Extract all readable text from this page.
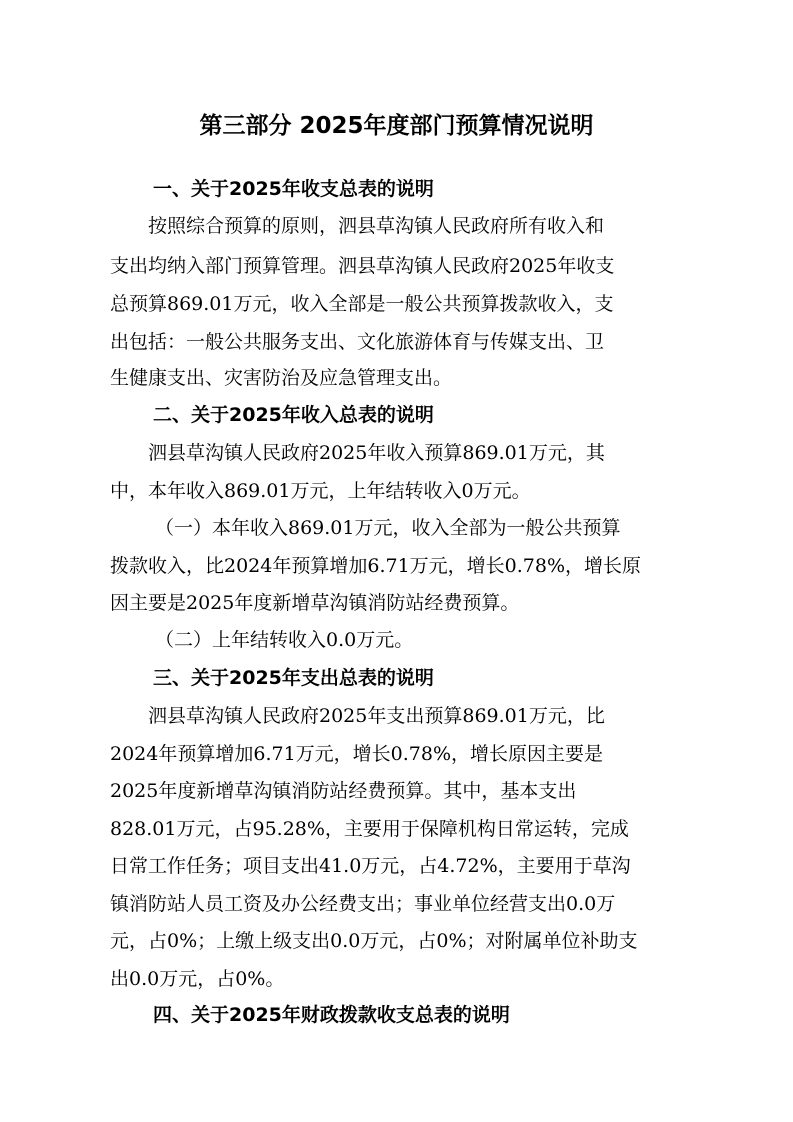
第三部分 2025年度部门预算情况说明
一、关于2025年收支总表的说明
按照综合预算的原则，泗县草沟镇人民政府所有收入和
支出均纳入部门预算管理。泗县草沟镇人民政府2025年收支
总预算869.01万元，收入全部是一般公共预算拨款收入，支
出包括：一般公共服务支出、文化旅游体育与传媒支出、卫
生健康支出、灾害防治及应急管理支出。
二、关于2025年收入总表的说明
泗县草沟镇人民政府2025年收入预算869.01万元，其
中，本年收入869.01万元，上年结转收入0万元。
（一）本年收入869.01万元，收入全部为一般公共预算
拨款收入，比2024年预算增加6.71万元，增长0.78%，增长原
因主要是2025年度新增草沟镇消防站经费预算。
（二）上年结转收入0.0万元。
三、关于2025年支出总表的说明
泗县草沟镇人民政府2025年支出预算869.01万元，比
2024年预算增加6.71万元，增长0.78%，增长原因主要是
2025年度新增草沟镇消防站经费预算。其中，基本支出
828.01万元，占95.28%，主要用于保障机构日常运转，完成
日常工作任务；项目支出41.0万元，占4.72%，主要用于草沟
镇消防站人员工资及办公经费支出；事业单位经营支出0.0万
元，占0%；上缴上级支出0.0万元，占0%；对附属单位补助支
出0.0万元，占0%。
四、关于2025年财政拨款收支总表的说明
